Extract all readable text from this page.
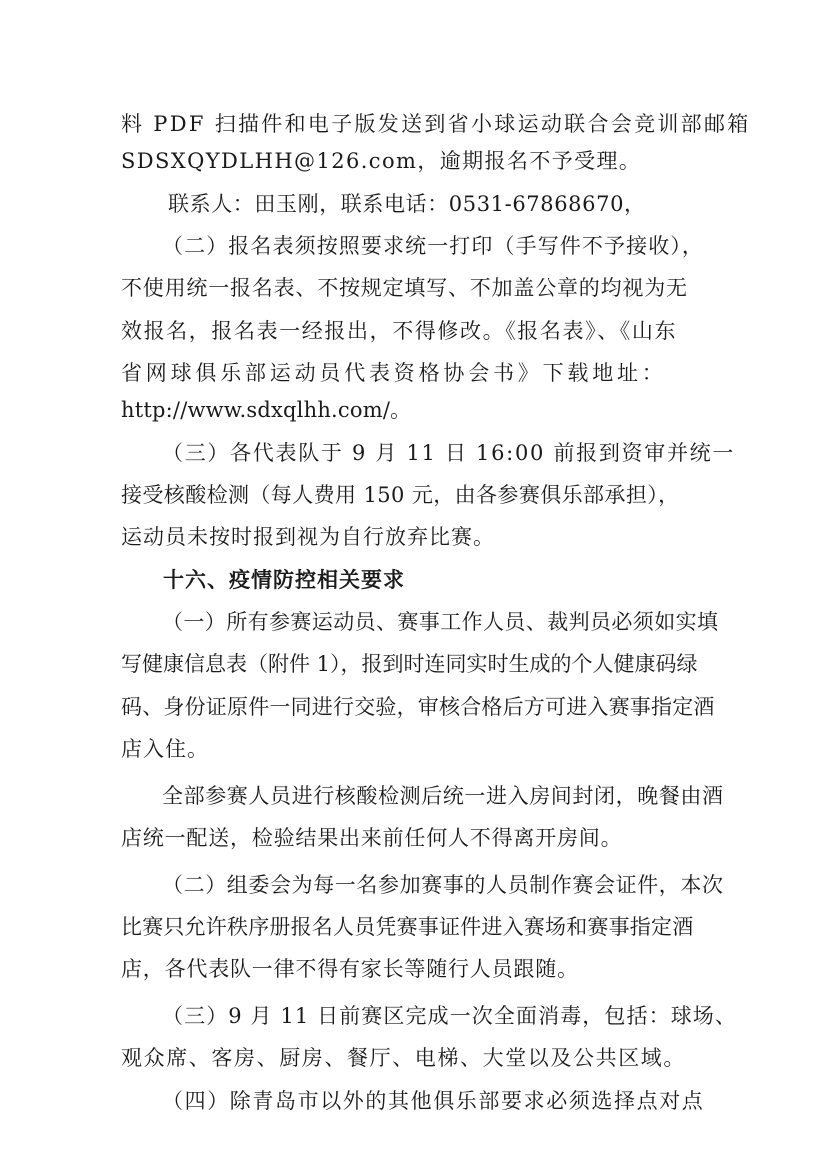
料 PDF 扫描件和电子版发送到省小球运动联合会竞训部邮箱
SDSXQYDLHH@126.com，逾期报名不予受理。
联系人：田玉刚，联系电话：0531-67868670，
（二）报名表须按照要求统一打印（手写件不予接收），
不使用统一报名表、不按规定填写、不加盖公章的均视为无
效报名，报名表一经报出，不得修改。《报名表》、《山东
省网球俱乐部运动员代表资格协会书》下载地址：
http://www.sdxqlhh.com/。
（三）各代表队于 9 月 11 日 16:00 前报到资审并统一
接受核酸检测（每人费用 150 元，由各参赛俱乐部承担），
运动员未按时报到视为自行放弃比赛。
十六、疫情防控相关要求
（一）所有参赛运动员、赛事工作人员、裁判员必须如实填
写健康信息表（附件 1），报到时连同实时生成的个人健康码绿
码、身份证原件一同进行交验，审核合格后方可进入赛事指定酒
店入住。
全部参赛人员进行核酸检测后统一进入房间封闭，晚餐由酒
店统一配送，检验结果出来前任何人不得离开房间。
（二）组委会为每一名参加赛事的人员制作赛会证件，本次
比赛只允许秩序册报名人员凭赛事证件进入赛场和赛事指定酒
店，各代表队一律不得有家长等随行人员跟随。
（三）9 月 11 日前赛区完成一次全面消毒，包括：球场、
观众席、客房、厨房、餐厅、电梯、大堂以及公共区域。
（四）除青岛市以外的其他俱乐部要求必须选择点对点
